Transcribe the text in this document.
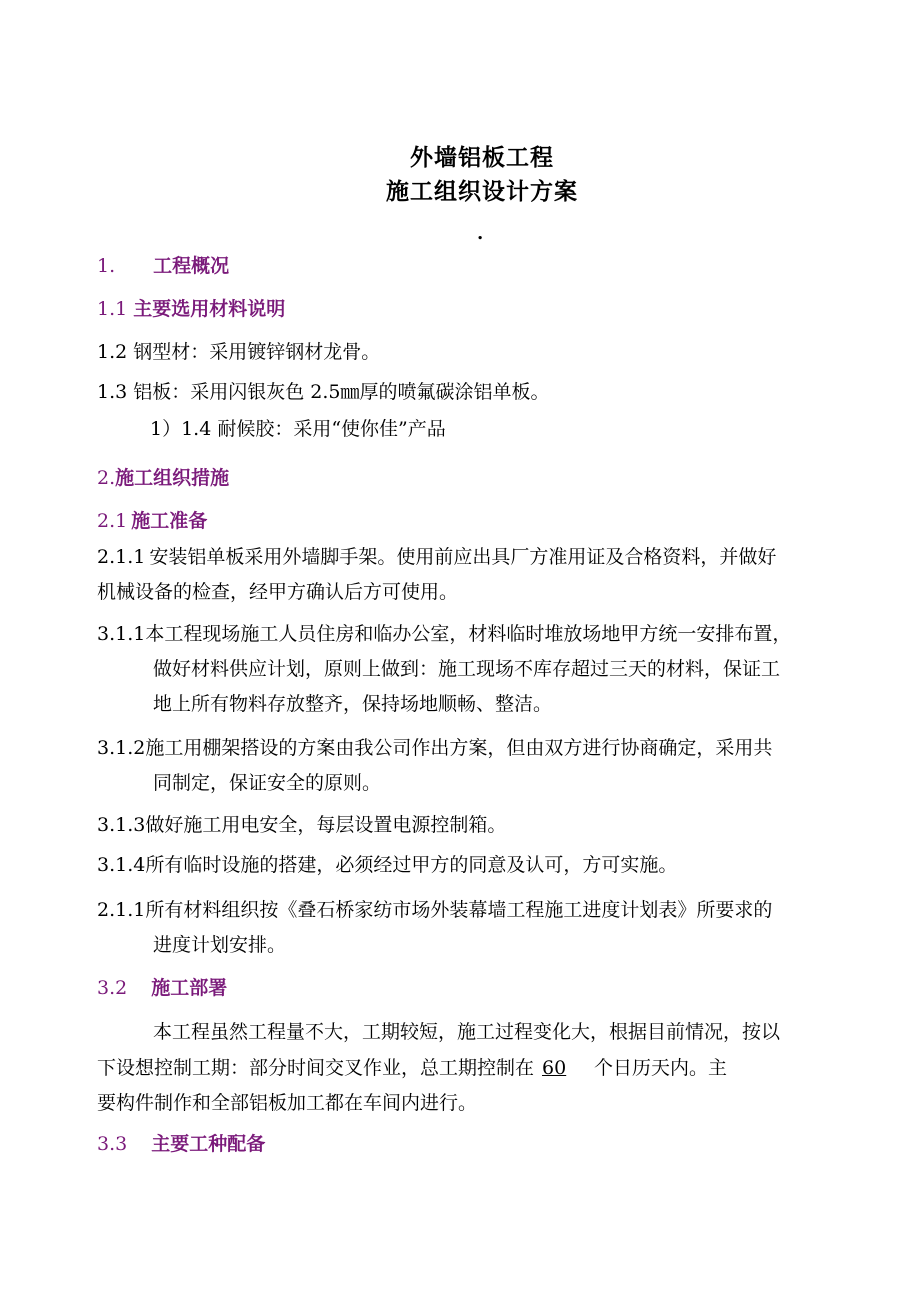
外墙铝板工程
施工组织设计方案
.
1. 工程概况
1.1 主要选用材料说明
1.2 钢型材：采用镀锌钢材龙骨。
1.3 铝板：采用闪银灰色 2.5㎜厚的喷氟碳涂铝单板。
1）1.4 耐候胶：采用“使你佳”产品
2.施工组织措施
2.1 施工准备
2.1.1 安装铝单板采用外墙脚手架。使用前应出具厂方准用证及合格资料，并做好
机械设备的检查，经甲方确认后方可使用。
3.1.1本工程现场施工人员住房和临办公室，材料临时堆放场地甲方统一安排布置，
做好材料供应计划，原则上做到：施工现场不库存超过三天的材料，保证工
地上所有物料存放整齐，保持场地顺畅、整洁。
3.1.2施工用棚架搭设的方案由我公司作出方案，但由双方进行协商确定，采用共
同制定，保证安全的原则。
3.1.3做好施工用电安全，每层设置电源控制箱。
3.1.4所有临时设施的搭建，必须经过甲方的同意及认可，方可实施。
2.1.1所有材料组织按《叠石桥家纺市场外装幕墙工程施工进度计划表》所要求的
进度计划安排。
3.2 施工部署
本工程虽然工程量不大，工期较短，施工过程变化大，根据目前情况，按以
下设想控制工期：部分时间交叉作业，总工期控制在 60 个日历天内。主
要构件制作和全部铝板加工都在车间内进行。
3.3 主要工种配备
